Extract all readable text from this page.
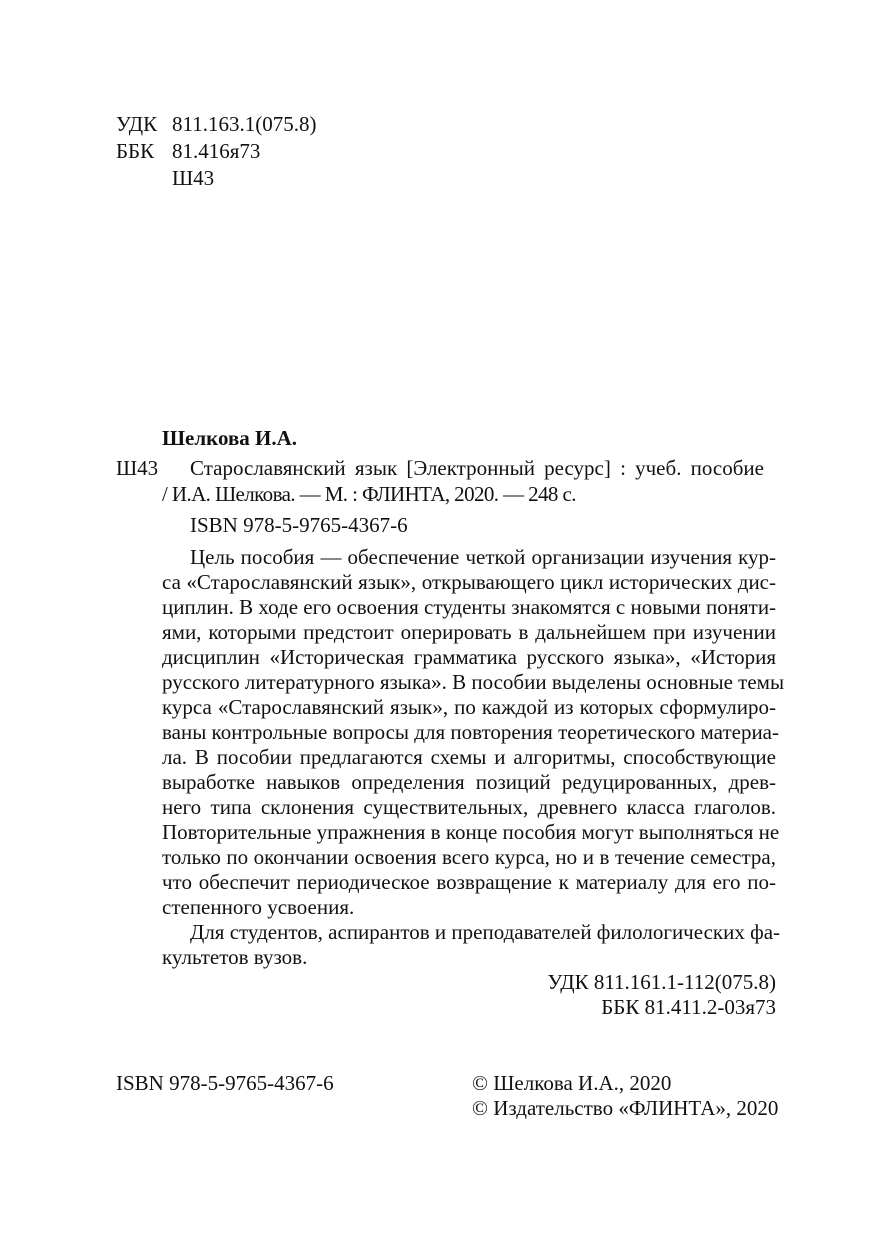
УДК 811.163.1(075.8)
ББК 81.416я73
Ш43
Шелкова И.А.
Ш43 Старославянский язык [Электронный ресурс] : учеб. пособие
/ И.А. Шелкова. — М. : ФЛИНТА, 2020. — 248 с.
ISBN 978-5-9765-4367-6
Цель пособия — обеспечение четкой организации изучения кур-
са «Старославянский язык», открывающего цикл исторических дис-
циплин. В ходе его освоения студенты знакомятся с новыми поняти-
ями, которыми предстоит оперировать в дальнейшем при изучении
дисциплин «Историческая грамматика русского языка», «История
русского литературного языка». В пособии выделены основные темы
курса «Старославянский язык», по каждой из которых сформулиро-
ваны контрольные вопросы для повторения теоретического материа-
ла. В пособии предлагаются схемы и алгоритмы, способствующие
выработке навыков определения позиций редуцированных, древ-
него типа склонения существительных, древнего класса глаголов.
Повторительные упражнения в конце пособия могут выполняться не
только по окончании освоения всего курса, но и в течение семестра,
что обеспечит периодическое возвращение к материалу для его по-
степенного усвоения.
Для студентов, аспирантов и преподавателей филологических фа-
культетов вузов.
УДК 811.161.1-112(075.8)
ББК 81.411.2-03я73
ISBN 978-5-9765-4367-6	© Шелкова И.А., 2020
© Издательство «ФЛИНТА», 2020
